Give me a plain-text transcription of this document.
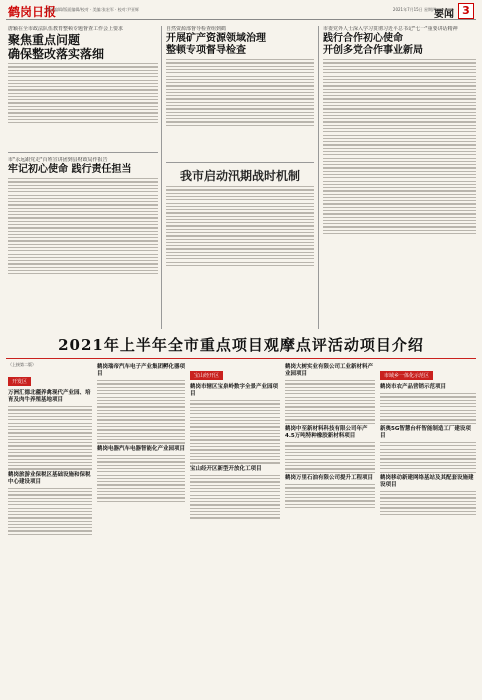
鹤岗日报
责任编辑/版面编辑/校对 · 美编:张宏军 · 校对:尹亚辉	2021年7月15日 星期四
要闻 3
唐颖在全市政法队伍教育整顿专题督查工作会上要求
聚焦重点问题
确保整改落实落细
市"永远跟党走"百姓宣讲团到县财政局作报告
牢记初心使命 践行责任担当
自然资源部督导检查组到鹤
开展矿产资源领域治理
整顿专项督导检查
我市启动汛期战时机制
市委党外人士深入学习贯彻习近平总书记"七一"重要讲话精神
践行合作初心使命
开创多党合作事业新局
2021年上半年全市重点项目观摩点评活动项目介绍
（上接第二版）
开发区
万洲汇德北疆养禽现代产业园、培育及肉牛养殖基地项目
鹤岗旅游业保税区基础设施和保税中心建设项目
鹤岗瑞帝汽车电子产业集团孵化器项目
鹤岗电器汽车电器智能化产业园项目
宝山经开区
鹤岗市辖区宝泉岭数字全景产业园项目
宝山经开区新型开放化工项目
鹤岗大树实业有限公司工业新材料产业园项目
鹤岗中至新材料科技有限公司年产4.5万吨特种橡胶新材料项目
鹤岗万里石油有限公司提升工程项目
市域乡一体化示范区
鹤岗市农产品营销示范项目
新奥5G智慧台杆智能制造工厂建设项目
鹤岗移动新建网络基站及其配套设施建设项目
